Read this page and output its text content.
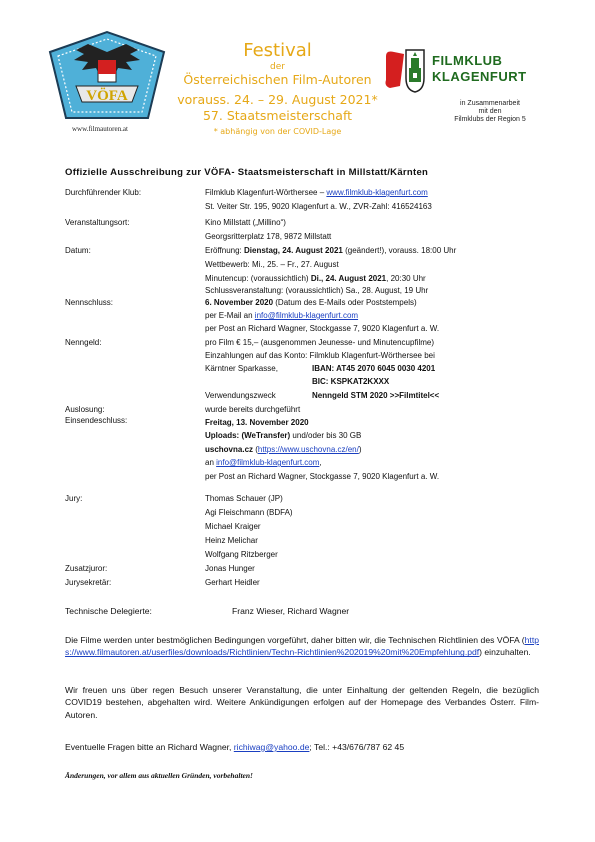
VÖFA
www.filmautoren.at
Festival
der
Österreichischen Film-Autoren
vorauss. 24. – 29. August 2021*
57. Staatsmeisterschaft
* abhängig von der COVID-Lage
FILMKLUB
KLAGENFURT
in Zusammenarbeit
mit den
Filmklubs der Region 5
Offizielle Ausschreibung zur VÖFA- Staatsmeisterschaft in Millstatt/Kärnten
Durchführender Klub:	Filmklub Klagenfurt-Wörthersee – www.filmklub-klagenfurt.com
St. Veiter Str. 195, 9020 Klagenfurt a. W., ZVR-Zahl: 416524163
Veranstaltungsort:	Kino Millstatt („Millino“)
Georgsritterplatz 178, 9872 Millstatt
Datum:	Eröffnung: Dienstag, 24. August 2021 (geändert!), vorauss. 18:00 Uhr
Wettbewerb: Mi., 25. – Fr., 27. August
Minutencup: (voraussichtlich) Di., 24. August 2021, 20:30 Uhr
Schlussveranstaltung: (voraussichtlich) Sa., 28. August, 19 Uhr
Nennschluss:	6. November 2020 (Datum des E-Mails oder Poststempels)
per E-Mail an info@filmklub-klagenfurt.com
per Post an Richard Wagner, Stockgasse 7, 9020 Klagenfurt a. W.
Nenngeld:	pro Film € 15,– (ausgenommen Jeunesse- und Minutencupfilme)
Einzahlungen auf das Konto: Filmklub Klagenfurt-Wörthersee bei
Kärntner Sparkasse,	IBAN: AT45 2070 6045 0030 4201
BIC: KSPKAT2KXXX
Verwendungszweck	Nenngeld STM 2020 >>Filmtitel<<
Auslosung:	wurde bereits durchgeführt
Einsendeschluss:	Freitag, 13. November 2020
Uploads: (WeTransfer) und/oder bis 30 GB
uschovna.cz (https://www.uschovna.cz/en/)
an info@filmklub-klagenfurt.com,
per Post an Richard Wagner, Stockgasse 7, 9020 Klagenfurt a. W.
Jury:	Thomas Schauer (JP)
Agi Fleischmann (BDFA)
Michael Kraiger
Heinz Melichar
Wolfgang Ritzberger
Zusatzjuror:	Jonas Hunger
Jurysekretär:	Gerhart Heidler
Technische Delegierte:	Franz Wieser, Richard Wagner
Die Filme werden unter bestmöglichen Bedingungen vorgeführt, daher bitten wir, die Technischen Richtlinien des VÖFA (https://www.filmautoren.at/userfiles/downloads/Richtlinien/Techn-Richtlinien%202019%20mit%20Empfehlung.pdf) einzuhalten.
Wir freuen uns über regen Besuch unserer Veranstaltung, die unter Einhaltung der geltenden Regeln, die bezüglich COVID19 bestehen, abgehalten wird. Weitere Ankündigungen erfolgen auf der Homepage des Verbandes Österr. Film-Autoren.
Eventuelle Fragen bitte an Richard Wagner, richiwag@yahoo.de; Tel.: +43/676/787 62 45
Änderungen, vor allem aus aktuellen Gründen, vorbehalten!
